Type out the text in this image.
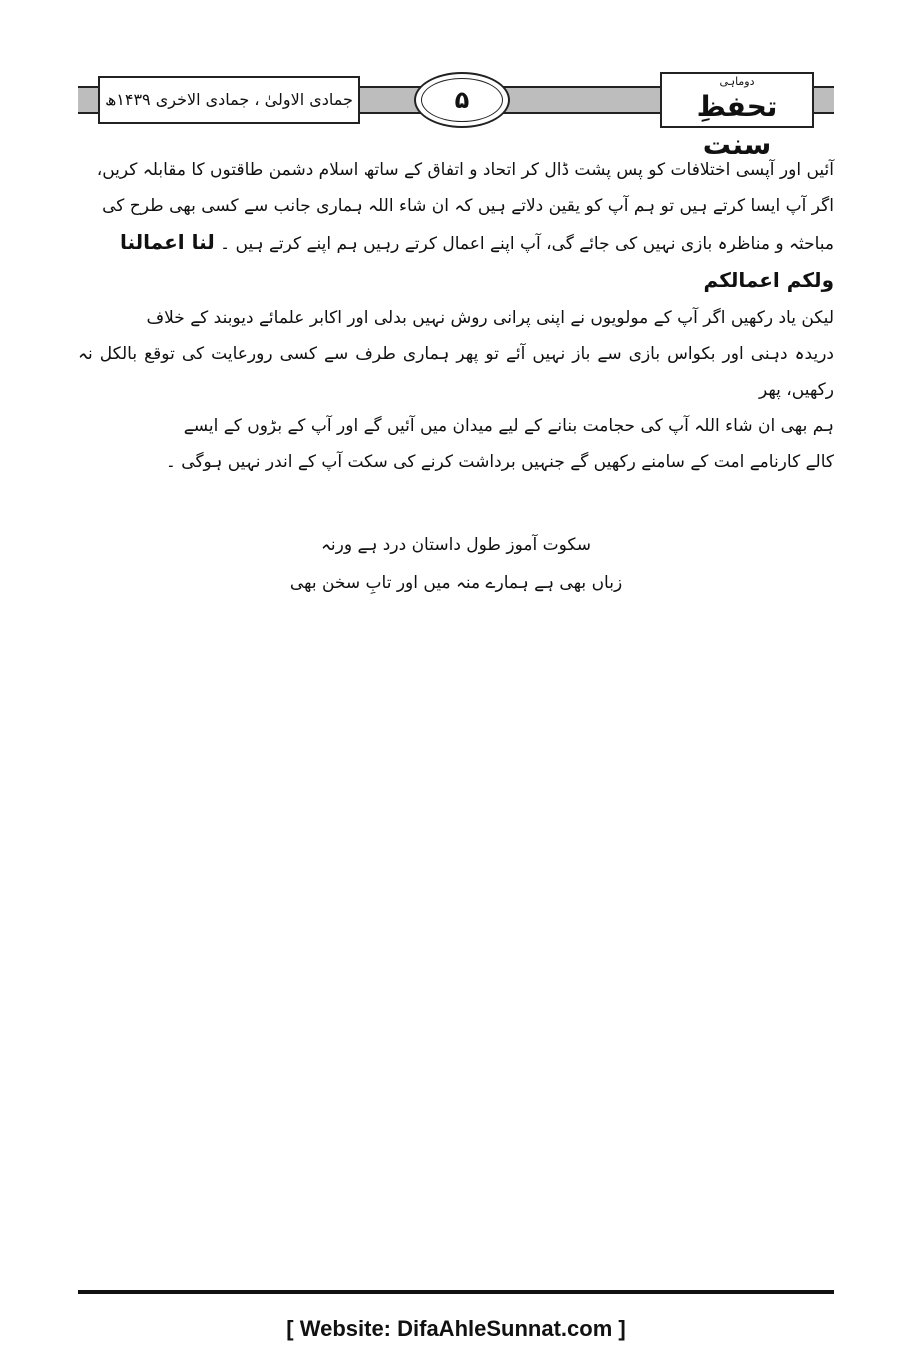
جمادی الاولیٰ ، جمادی الاخری ۱۴۳۹ھ	۵
دوماہی
تحفظِ سنت
آئیں اور آپسی اختلافات کو پس پشت ڈال کر اتحاد و اتفاق کے ساتھ اسلام دشمن طاقتوں کا مقابلہ کریں،
اگر آپ ایسا کرتے ہیں تو ہم آپ کو یقین دلاتے ہیں کہ ان شاء اللہ ہماری جانب سے کسی بھی طرح کی
مباحثہ و مناظرہ بازی نہیں کی جائے گی، آپ اپنے اعمال کرتے رہیں ہم اپنے کرتے ہیں ۔ لنا اعمالنا
ولکم اعمالکم
لیکن یاد رکھیں اگر آپ کے مولویوں نے اپنی پرانی روش نہیں بدلی اور اکابر علمائے دیوبند کے خلاف
دریدہ دہنی اور بکواس بازی سے باز نہیں آئے تو پھر ہماری طرف سے کسی رورعایت کی توقع بالکل نہ رکھیں، پھر
ہم بھی ان شاء اللہ آپ کی حجامت بنانے کے لیے میدان میں آئیں گے اور آپ کے بڑوں کے ایسے
کالے کارنامے امت کے سامنے رکھیں گے جنہیں برداشت کرنے کی سکت آپ کے اندر نہیں ہوگی ۔
سکوت آموز طول داستان درد ہے ورنہ
زباں بھی ہے ہمارے منہ میں اور تابِ سخن بھی
[ Website: DifaAhleSunnat.com ]
